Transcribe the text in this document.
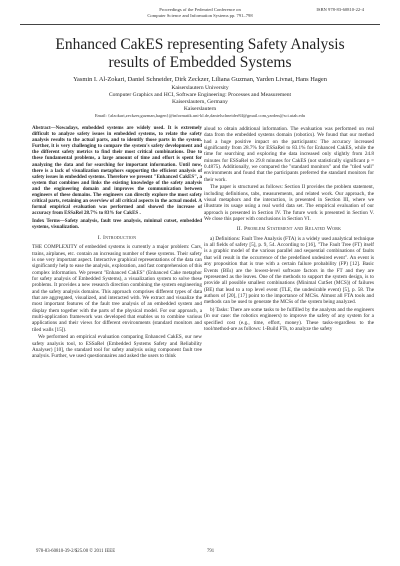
Proceedings of the Federated Conference on
Computer Science and Information Systems pp. 791–798
ISBN 978-83-60810-22-4
Enhanced CakES representing Safety Analysis
results of Embedded Systems
Yasmin I. Al-Zokari, Daniel Schneider, Dirk Zeckzer, Liliana Guzman, Yarden Livnat, Hans Hagen
Kaiserslautern University
Computer Graphics and HCI, Software Engineering: Processes and Measurement
Kaiserslautern, Germany
Kaiserslautern
Email: {alzokari,zeckzer,guzman,hagen}@informatik.uni-kl.de,danielschneider84@gmail.com,yarden@sci.utah.edu

Abstract—Nowadays, embedded systems are widely used. It is extremely difficult to analyze safety issues in embedded systems, to relate the safety analysis results to the actual parts, and to identify those parts in the system. Further, it is very challenging to compare the system's safety development and the different safety metrics to find their most critical combinations. Due to these fundamental problems, a large amount of time and effort is spent for analyzing the data and for searching for important information. Until now, there is a lack of visualization metaphors supporting the efficient analysis of safety issues in embedded systems. Therefore we present "Enhanced CakES", a system that combines and links the existing knowledge of the safety analysis and the engineering domain and improves the communication between engineers of these domains. The engineers can directly explore the most safety critical parts, retaining an overview of all critical aspects in the actual model. A formal empirical evaluation was performed and showed the increase of accuracy from ESSaRel 28.7% to 83% for CakES .

Index Terms—Safety analysis, fault tree analysis, minimal cutset, embedded systems, visualization.

I. Introduction

THE COMPLEXITY of embedded systems is currently a major problem: Cars, trains, airplanes, etc. contain an increasing number of these systems. Their safety is one very important aspect. Interactive graphical representations of the data can significantly help to ease the analysis, exploration, and fast comprehension of this complex information. We present "Enhanced CakES" (Enhanced Cake metaphor for safety analysis of Embedded Systems), a visualization system to solve these problems. It provides a new research direction combining the system engineering and the safety analysis domains. This approach comprises different types of data that are aggregated, visualized, and interacted with. We extract and visualize the most important features of the fault tree analysis of an embedded system and display them together with the parts of the physical model. For our approach, a multi-application framework was developed that enables us to combine various applications and their views for different environments (standard monitors and tiled walls [15]).

We performed an empirical evaluation comparing Enhanced CakES, our new safety analysis tool, to ESSaRel (Embedded Systems Safety and Reliability Analyser) [10], the standard tool for safety analysis using component fault tree analysis. Further, we used questionnaires and asked the users to think

aloud to obtain additional information. The evaluation was performed on real data from the embedded systems domain (robotics). We found that our method had a huge positive impact on the participants: The accuracy increased significantly from 28.7% for ESSaRel to 83.1% for Enhanced CakES, while the time for searching and exploring the data increased only slightly from 24.8 minutes for ESSaRel to 29.8 minutes for CakES (not statistically significant p = 0.4875). Additionally, we compared the "standard monitors" and the "tiled wall" environments and found that the participants preferred the standard monitors for their work.

The paper is structured as follows: Section II provides the problem statement, including definitions, tabs, measurements, and related work. Our approach, the visual metaphors and the interaction, is presented in Section III, where we illustrate its usage using a real world data set. The empirical evaluation of our approach is presented in Section IV. The future work is presented in Section V. We close this paper with conclusions in Section VI.

II. Problem Statement and Related Work

a) Definitions: Fault Tree Analysis (FTA) is a widely used analytical technique in all fields of safety [5], p. 9, 54. According to [16], "The Fault Tree (FT) itself is a graphic model of the various parallel and sequential combinations of faults that will result in the occurrence of the predefined undesired event". An event is any proposition that is true with a certain failure probability (FP) [12]. Basic Events (BEs) are the lowest-level software factors in the FT and they are represented as the leaves. One of the methods to support the system design, is to provide all possible smallest combinations (Minimal CutSet (MCS)) of failures (BE) that lead to a top level event (TLE, the undesirable event) [5], p. 58. The authors of [20], [17] point to the importance of MCSs. Almost all FTA tools and methods can be used to generate the MCSs of the system being analyzed.

b) Tasks: There are some tasks to be fulfilled by the analysts and the engineers (in our case: the robotics engineers) to improve the safety of any system for a specified cost (e.g., time, effort, money). These tasks-regardless to the tool/method-are as follows: 1-Build FTs, to analyze the safety

978-83-60810-39-2/$25.00 © 2011 IEEE	791
